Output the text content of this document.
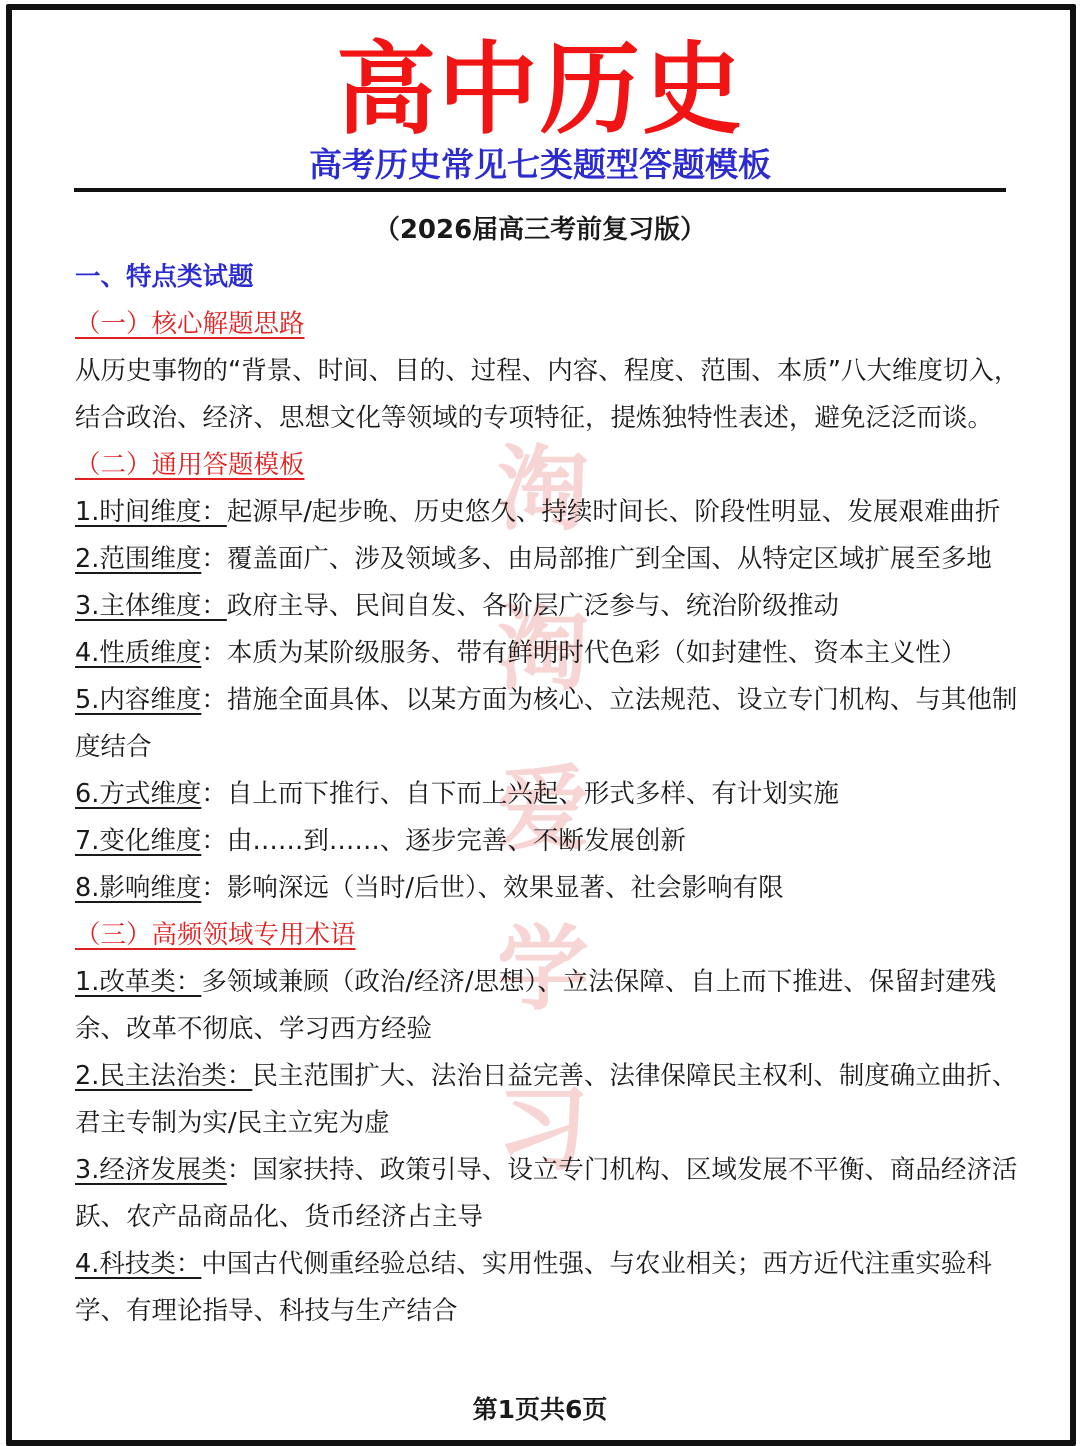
高中历史
高考历史常见七类题型答题模板
（2026届高三考前复习版）
淘淘爱学习
一、特点类试题
（一）核心解题思路
从历史事物的“背景、时间、目的、过程、内容、程度、范围、本质”八大维度切入，结合政治、经济、思想文化等领域的专项特征，提炼独特性表述，避免泛泛而谈。
（二）通用答题模板
1.时间维度：起源早/起步晚、历史悠久、持续时间长、阶段性明显、发展艰难曲折
2.范围维度：覆盖面广、涉及领域多、由局部推广到全国、从特定区域扩展至多地
3.主体维度：政府主导、民间自发、各阶层广泛参与、统治阶级推动
4.性质维度：本质为某阶级服务、带有鲜明时代色彩（如封建性、资本主义性）
5.内容维度：措施全面具体、以某方面为核心、立法规范、设立专门机构、与其他制度结合
6.方式维度：自上而下推行、自下而上兴起、形式多样、有计划实施
7.变化维度：由……到……、逐步完善、不断发展创新
8.影响维度：影响深远（当时/后世）、效果显著、社会影响有限
（三）高频领域专用术语
1.改革类：多领域兼顾（政治/经济/思想）、立法保障、自上而下推进、保留封建残余、改革不彻底、学习西方经验
2.民主法治类：民主范围扩大、法治日益完善、法律保障民主权利、制度确立曲折、君主专制为实/民主立宪为虚
3.经济发展类：国家扶持、政策引导、设立专门机构、区域发展不平衡、商品经济活跃、农产品商品化、货币经济占主导
4.科技类：中国古代侧重经验总结、实用性强、与农业相关；西方近代注重实验科学、有理论指导、科技与生产结合
第1页共6页
